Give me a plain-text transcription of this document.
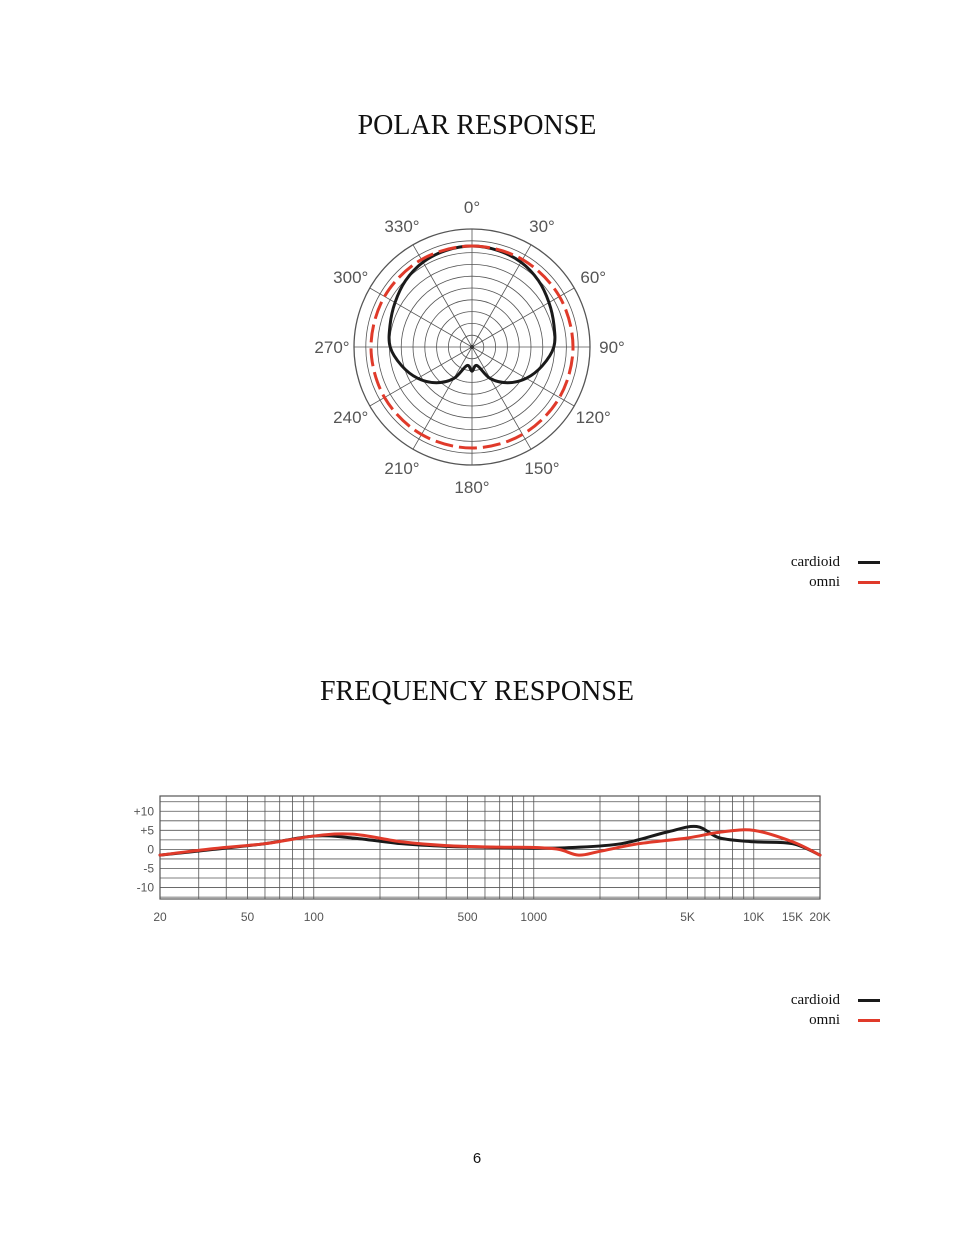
POLAR RESPONSE
0°
30°
60°
90°
120°
150°
180°
210°
240°
270°
300°
330°
cardioid
omni
FREQUENCY RESPONSE
+10
+5
0
-5
-10
20	50	100	500	1000	5K	10K 15K 20K
cardioid
omni
6
